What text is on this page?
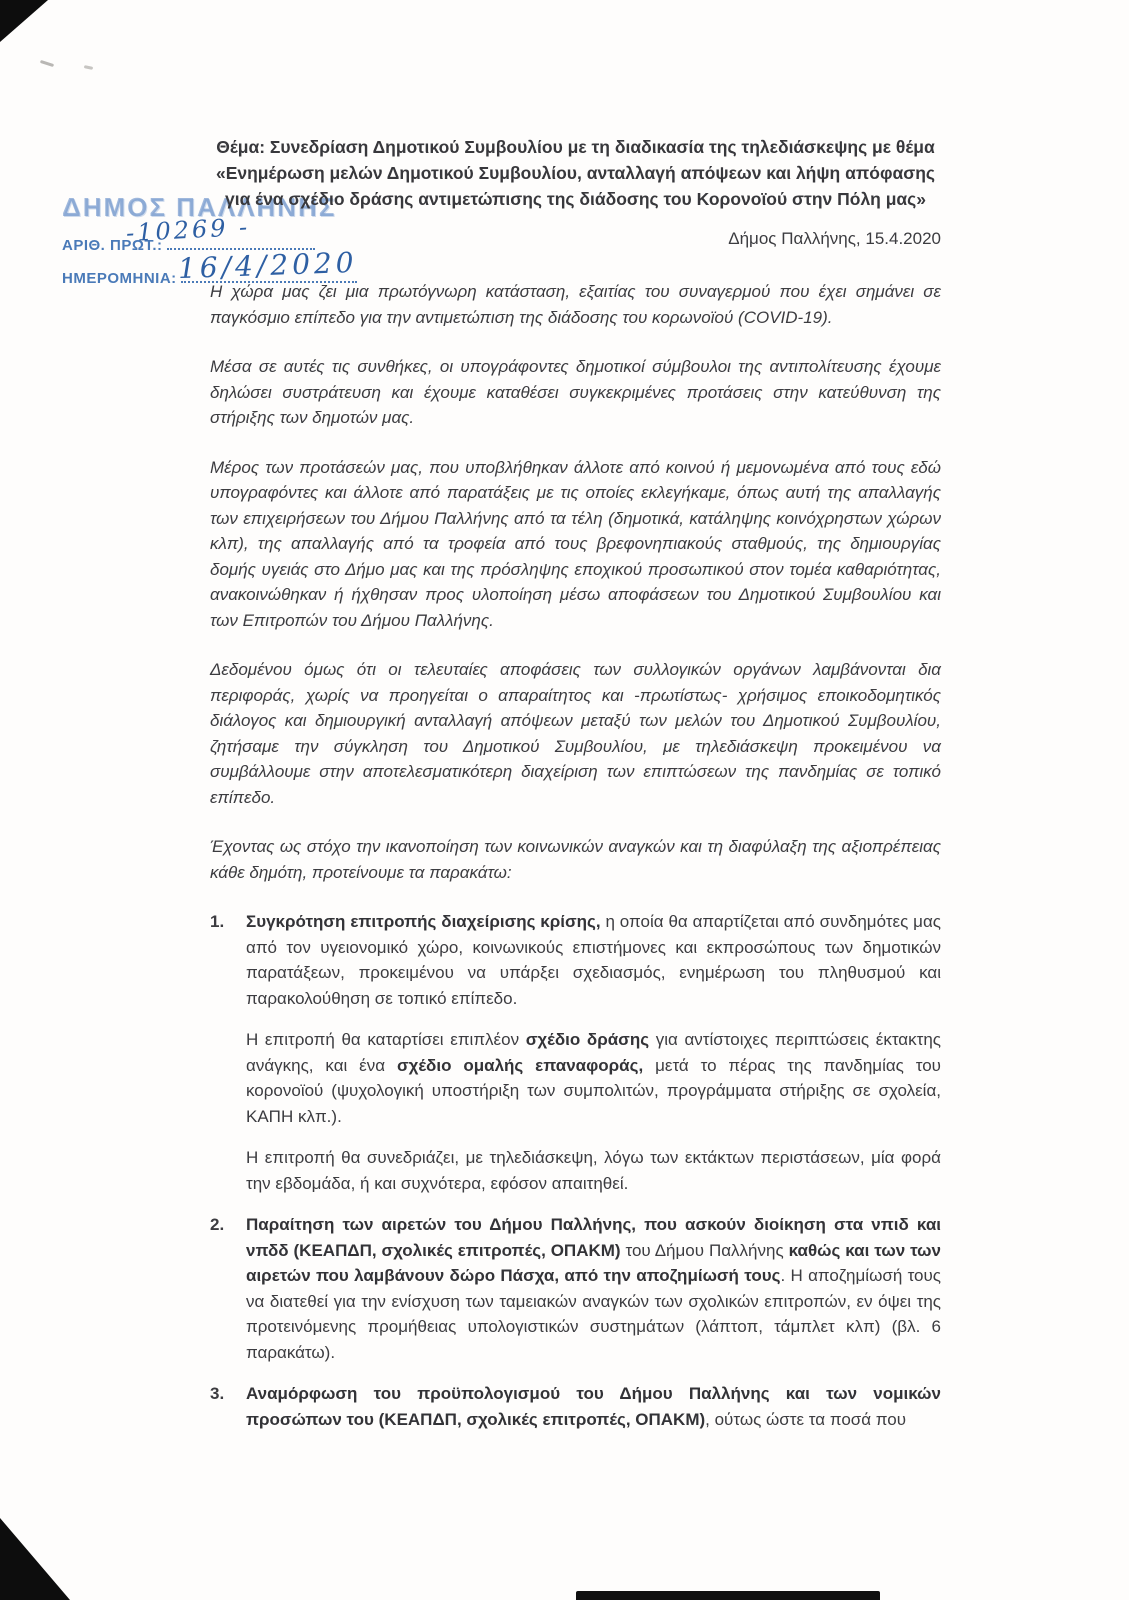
ΔΗΜΟΣ ΠΑΛΛΗΝΗΣ
ΑΡΙΘ. ΠΡΩΤ.:
-10269 -
ΗΜΕΡΟΜΗΝΙΑ: 16/4/2020
Θέμα: Συνεδρίαση Δημοτικού Συμβουλίου με τη διαδικασία της τηλεδιάσκεψης με θέμα «Ενημέρωση μελών Δημοτικού Συμβουλίου, ανταλλαγή απόψεων και λήψη απόφασης για ένα σχέδιο δράσης αντιμετώπισης της διάδοσης του Κορονοϊού στην Πόλη μας»
Δήμος Παλλήνης, 15.4.2020
Η χώρα μας ζει μια πρωτόγνωρη κατάσταση, εξαιτίας του συναγερμού που έχει σημάνει σε παγκόσμιο επίπεδο για την αντιμετώπιση της διάδοσης του κορωνοϊού (COVID-19).
Μέσα σε αυτές τις συνθήκες, οι υπογράφοντες δημοτικοί σύμβουλοι της αντιπολίτευσης έχουμε δηλώσει συστράτευση και έχουμε καταθέσει συγκεκριμένες προτάσεις στην κατεύθυνση της στήριξης των δημοτών μας.
Μέρος των προτάσεών μας, που υποβλήθηκαν άλλοτε από κοινού ή μεμονωμένα από τους εδώ υπογραφόντες και άλλοτε από παρατάξεις με τις οποίες εκλεγήκαμε, όπως αυτή της απαλλαγής των επιχειρήσεων του Δήμου Παλλήνης από τα τέλη (δημοτικά, κατάληψης κοινόχρηστων χώρων κλπ), της απαλλαγής από τα τροφεία από τους βρεφονηπιακούς σταθμούς, της δημιουργίας δομής υγειάς στο Δήμο μας και της πρόσληψης εποχικού προσωπικού στον τομέα καθαριότητας, ανακοινώθηκαν ή ήχθησαν προς υλοποίηση μέσω αποφάσεων του Δημοτικού Συμβουλίου και των Επιτροπών του Δήμου Παλλήνης.
Δεδομένου όμως ότι οι τελευταίες αποφάσεις των συλλογικών οργάνων λαμβάνονται δια περιφοράς, χωρίς να προηγείται ο απαραίτητος και -πρωτίστως- χρήσιμος εποικοδομητικός διάλογος και δημιουργική ανταλλαγή απόψεων μεταξύ των μελών του Δημοτικού Συμβουλίου, ζητήσαμε την σύγκληση του Δημοτικού Συμβουλίου, με τηλεδιάσκεψη προκειμένου να συμβάλλουμε στην αποτελεσματικότερη διαχείριση των επιπτώσεων της πανδημίας σε τοπικό επίπεδο.
Έχοντας ως στόχο την ικανοποίηση των κοινωνικών αναγκών και τη διαφύλαξη της αξιοπρέπειας κάθε δημότη, προτείνουμε τα παρακάτω:
1.	Συγκρότηση επιτροπής διαχείρισης κρίσης, η οποία θα απαρτίζεται από συνδημότες μας από τον υγειονομικό χώρο, κοινωνικούς επιστήμονες και εκπροσώπους των δημοτικών παρατάξεων, προκειμένου να υπάρξει σχεδιασμός, ενημέρωση του πληθυσμού και παρακολούθηση σε τοπικό επίπεδο.
Η επιτροπή θα καταρτίσει επιπλέον σχέδιο δράσης για αντίστοιχες περιπτώσεις έκτακτης ανάγκης, και ένα σχέδιο ομαλής επαναφοράς, μετά το πέρας της πανδημίας του κορονοϊού (ψυχολογική υποστήριξη των συμπολιτών, προγράμματα στήριξης σε σχολεία, ΚΑΠΗ κλπ.).
Η επιτροπή θα συνεδριάζει, με τηλεδιάσκεψη, λόγω των εκτάκτων περιστάσεων, μία φορά την εβδομάδα, ή και συχνότερα, εφόσον απαιτηθεί.
2.	Παραίτηση των αιρετών του Δήμου Παλλήνης, που ασκούν διοίκηση στα νπιδ και νπδδ (ΚΕΑΠΔΠ, σχολικές επιτροπές, ΟΠΑΚΜ) του Δήμου Παλλήνης καθώς και των των αιρετών που λαμβάνουν δώρο Πάσχα, από την αποζημίωσή τους. Η αποζημίωσή τους να διατεθεί για την ενίσχυση των ταμειακών αναγκών των σχολικών επιτροπών, εν όψει της προτεινόμενης προμήθειας υπολογιστικών συστημάτων (λάπτοπ, τάμπλετ κλπ) (βλ. 6 παρακάτω).
3.	Αναμόρφωση του προϋπολογισμού του Δήμου Παλλήνης και των νομικών προσώπων του (ΚΕΑΠΔΠ, σχολικές επιτροπές, ΟΠΑΚΜ), ούτως ώστε τα ποσά που
